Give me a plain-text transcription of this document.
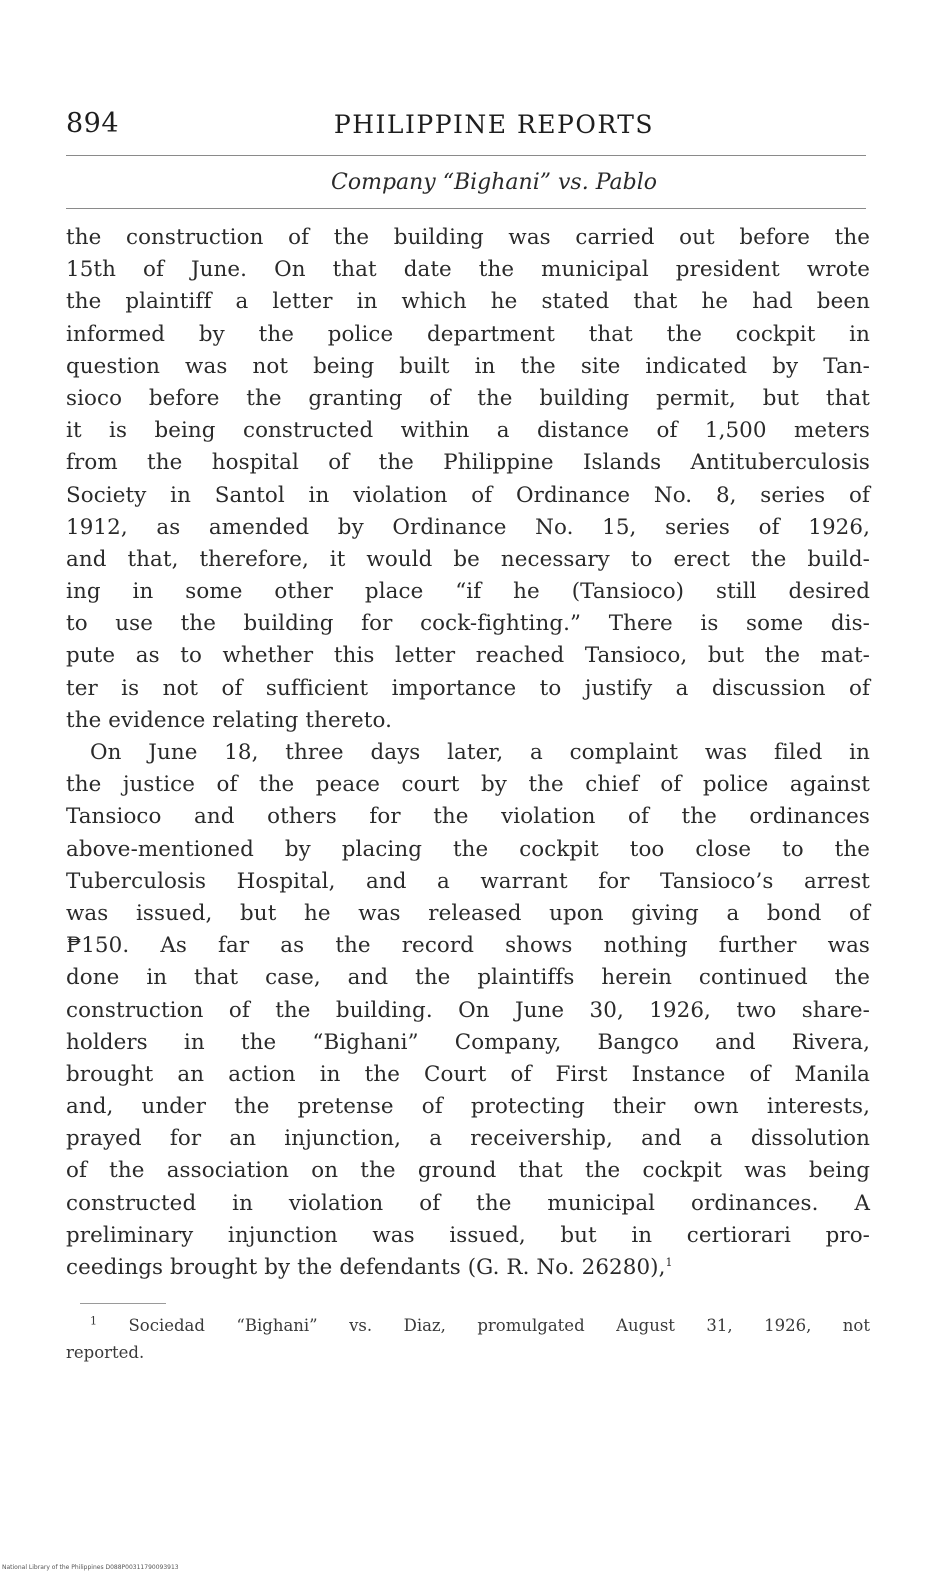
894	PHILIPPINE REPORTS
Company “Bighani” vs. Pablo
the construction of the building was carried out before the
15th of June. On that date the municipal president wrote
the plaintiff a letter in which he stated that he had been
informed by the police department that the cockpit in
question was not being built in the site indicated by Tan-
sioco before the granting of the building permit, but that
it is being constructed within a distance of 1,500 meters
from the hospital of the Philippine Islands Antituberculosis
Society in Santol in violation of Ordinance No. 8, series of
1912, as amended by Ordinance No. 15, series of 1926,
and that, therefore, it would be necessary to erect the build-
ing in some other place “if he (Tansioco) still desired
to use the building for cock-fighting.” There is some dis-
pute as to whether this letter reached Tansioco, but the mat-
ter is not of sufficient importance to justify a discussion of
the evidence relating thereto.
On June 18, three days later, a complaint was filed in
the justice of the peace court by the chief of police against
Tansioco and others for the violation of the ordinances
above-mentioned by placing the cockpit too close to the
Tuberculosis Hospital, and a warrant for Tansioco’s arrest
was issued, but he was released upon giving a bond of
₱150. As far as the record shows nothing further was
done in that case, and the plaintiffs herein continued the
construction of the building. On June 30, 1926, two share-
holders in the “Bighani” Company, Bangco and Rivera,
brought an action in the Court of First Instance of Manila
and, under the pretense of protecting their own interests,
prayed for an injunction, a receivership, and a dissolution
of the association on the ground that the cockpit was being
constructed in violation of the municipal ordinances. A
preliminary injunction was issued, but in certiorari pro-
ceedings brought by the defendants (G. R. No. 26280),$^1$
$^1$ Sociedad “Bighani” vs. Diaz, promulgated August 31, 1926, not
reported.
National Library of the Philippines D088P00311790093913
